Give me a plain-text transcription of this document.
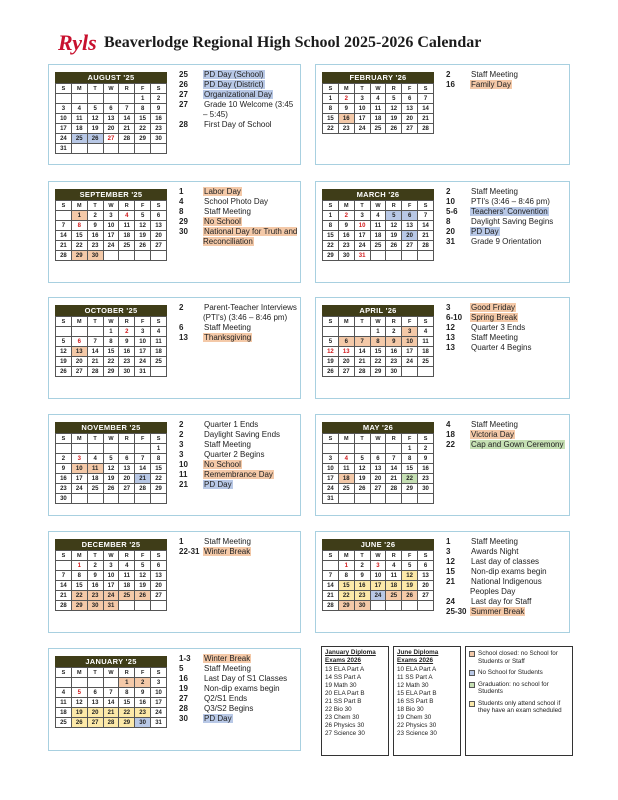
Ryls Beaverlodge Regional High School 2025-2026 Calendar
AUGUST '25
S	M	T	W	R	F	S
					1	2
3	4	5	6	7	8	9
10	11	12	13	14	15	16
17	18	19	20	21	22	23
24	25	26	27	28	29	30
31						
25	PD Day (School)
26	PD Day (District)
27	Organizational Day
27	Grade 10 Welcome (3:45 – 5:45)
28	First Day of School
FEBRUARY '26
S	M	T	W	R	F	S
1	2	3	4	5	6	7
8	9	10	11	12	13	14
15	16	17	18	19	20	21
22	23	24	25	26	27	28
2	Staff Meeting
16	Family Day
SEPTEMBER '25
S	M	T	W	R	F	S
	1	2	3	4	5	6
7	8	9	10	11	12	13
14	15	16	17	18	19	20
21	22	23	24	25	26	27
28	29	30				
1	Labor Day
4	School Photo Day
8	Staff Meeting
29	No School
30	National Day for Truth and Reconciliation
MARCH '26
S	M	T	W	R	F	S
1	2	3	4	5	6	7
8	9	10	11	12	13	14
15	16	17	18	19	20	21
22	23	24	25	26	27	28
29	30	31				
2	Staff Meeting
10	PTI's (3:46 – 8:46 pm)
5-6	Teachers' Convention
8	Daylight Saving Begins
20	PD Day
31	Grade 9 Orientation
OCTOBER '25
S	M	T	W	R	F	S
			1	2	3	4
5	6	7	8	9	10	11
12	13	14	15	16	17	18
19	20	21	22	23	24	25
26	27	28	29	30	31	
2	Parent-Teacher Interviews (PTI's) (3:46 – 8:46 pm)
6	Staff Meeting
13	Thanksgiving
APRIL '26
S	M	T	W	R	F	S
			1	2	3	4
5	6	7	8	9	10	11
12	13	14	15	16	17	18
19	20	21	22	23	24	25
26	27	28	29	30		
3	Good Friday
6-10	Spring Break
12	Quarter 3 Ends
13	Staff Meeting
13	Quarter 4 Begins
NOVEMBER '25
S	M	T	W	R	F	S
						1
2	3	4	5	6	7	8
9	10	11	12	13	14	15
16	17	18	19	20	21	22
23	24	25	26	27	28	29
30						
2	Quarter 1 Ends
2	Daylight Saving Ends
3	Staff Meeting
3	Quarter 2 Begins
10	No School
11	Remembrance Day
21	PD Day
MAY '26
S	M	T	W	R	F	S
					1	2
3	4	5	6	7	8	9
10	11	12	13	14	15	16
17	18	19	20	21	22	23
24	25	26	27	28	29	30
31						
4	Staff Meeting
18	Victoria Day
22	Cap and Gown Ceremony
DECEMBER '25
S	M	T	W	R	F	S
	1	2	3	4	5	6
7	8	9	10	11	12	13
14	15	16	17	18	19	20
21	22	23	24	25	26	27
28	29	30	31			
1	Staff Meeting
22-31 Winter Break
JUNE '26
S	M	T	W	R	F	S
	1	2	3	4	5	6
7	8	9	10	11	12	13
14	15	16	17	18	19	20
21	22	23	24	25	26	27
28	29	30				
1	Staff Meeting
3	Awards Night
12	Last day of classes
15	Non-dip exams begin
21	National Indigenous Peoples Day
24	Last day for Staff
25-30 Summer Break
JANUARY '25
S	M	T	W	R	F	S
				1	2	3
4	5	6	7	8	9	10
11	12	13	14	15	16	17
18	19	20	21	22	23	24
25	26	27	28	29	30	31
1-3	Winter Break
5	Staff Meeting
16	Last Day of S1 Classes
19	Non-dip exams begin
27	Q2/S1 Ends
28	Q3/S2 Begins
30	PD Day
January Diploma Exams 2026
13 ELA Part A
14 SS Part A
19 Math 30
20 ELA Part B
21 SS Part B
22 Bio 30
23 Chem 30
26 Physics 30
27 Science 30
June Diploma Exams 2026
10 ELA Part A
11 SS Part A
12 Math 30
15 ELA Part B
16 SS Part B
18 Bio 30
19 Chem 30
22 Physics 30
23 Science 30
School closed: no School for Students or Staff
No School for Students
Graduation: no school for Students
Students only attend school if they have an exam scheduled
